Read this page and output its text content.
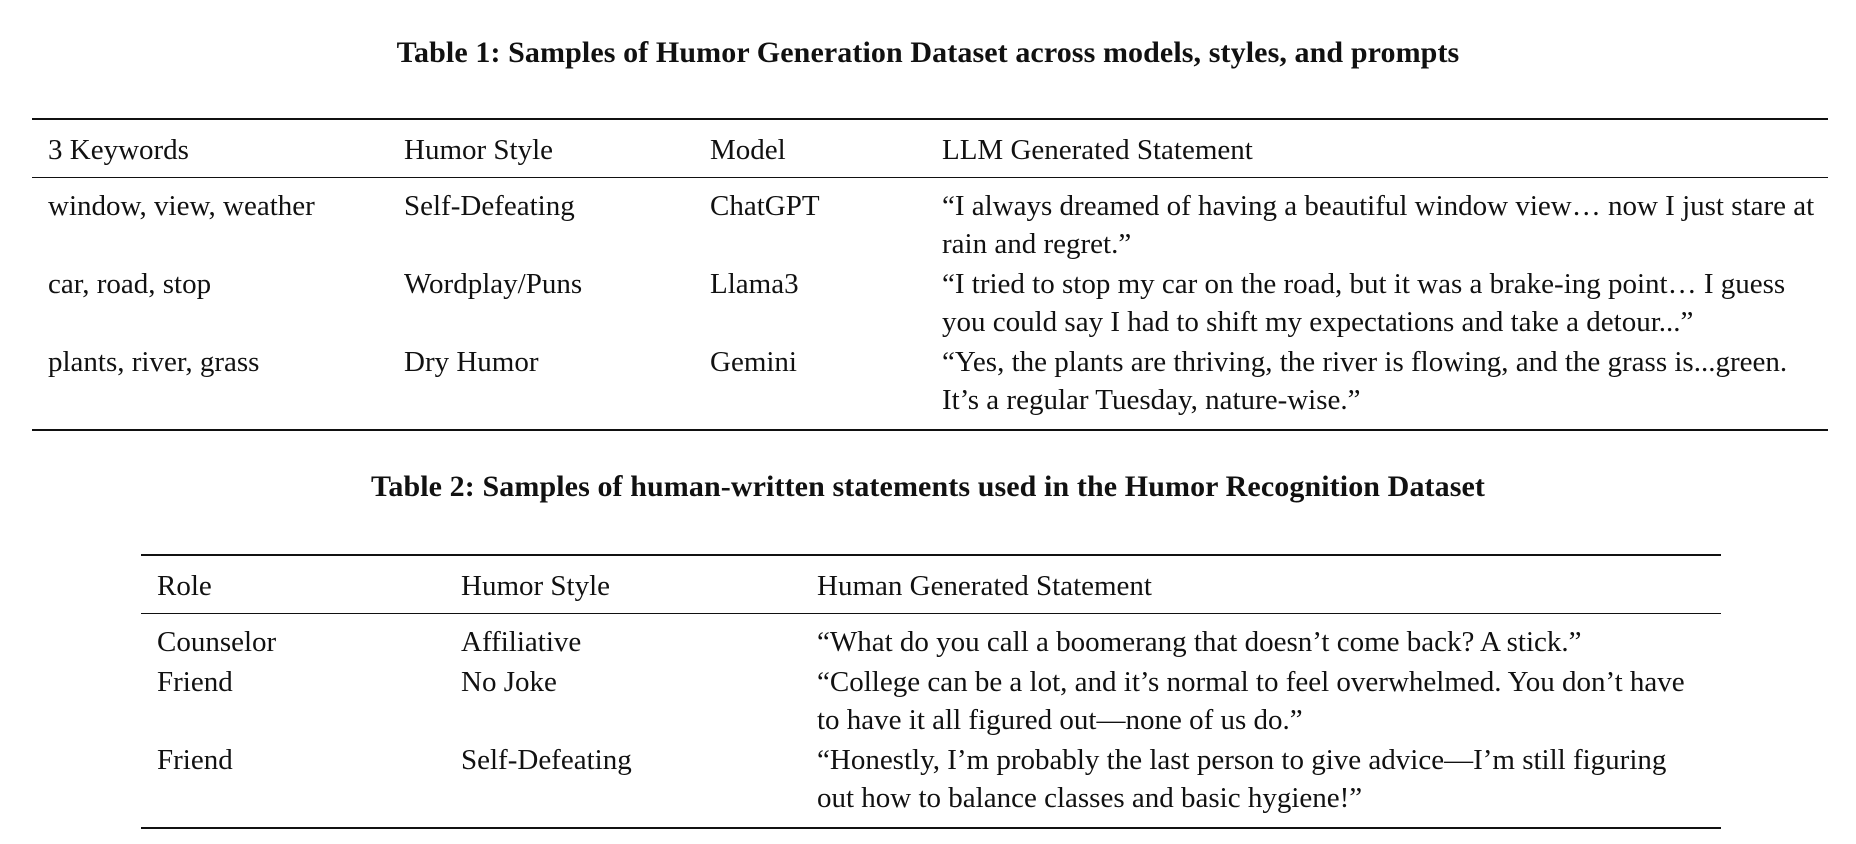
Table 1: Samples of Humor Generation Dataset across models, styles, and prompts
3 Keywords	Humor Style	Model	LLM Generated Statement
window, view, weather	Self-Defeating	ChatGPT	“I always dreamed of having a beautiful window view… now I just stare at rain and regret.”
car, road, stop	Wordplay/Puns	Llama3	“I tried to stop my car on the road, but it was a brake-ing point… I guess you could say I had to shift my expectations and take a detour...”
plants, river, grass	Dry Humor	Gemini	“Yes, the plants are thriving, the river is flowing, and the grass is...green. It’s a regular Tuesday, nature-wise.”
Table 2: Samples of human-written statements used in the Humor Recognition Dataset
Role	Humor Style	Human Generated Statement
Counselor	Affiliative	“What do you call a boomerang that doesn’t come back? A stick.”
Friend	No Joke	“College can be a lot, and it’s normal to feel overwhelmed. You don’t have to have it all figured out—none of us do.”
Friend	Self-Defeating	“Honestly, I’m probably the last person to give advice—I’m still figuring out how to balance classes and basic hygiene!”
